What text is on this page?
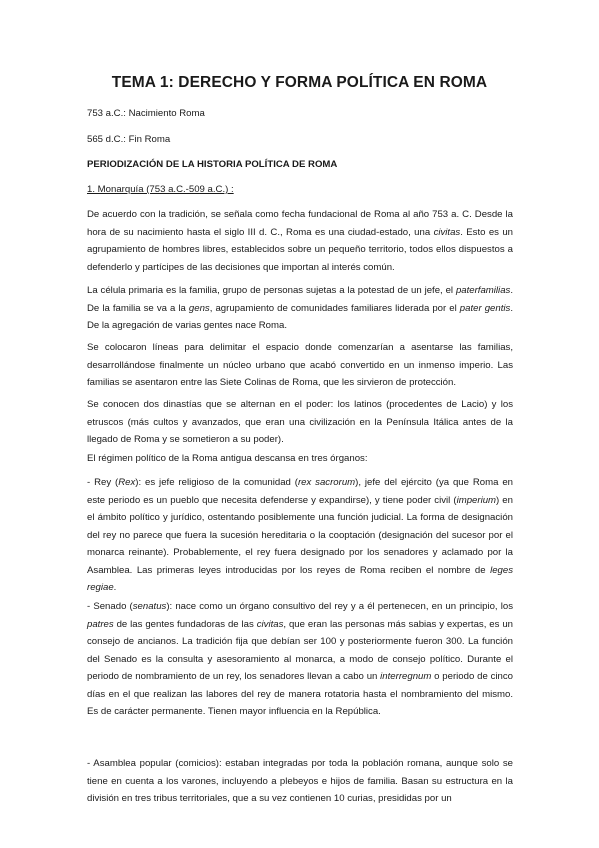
TEMA 1: DERECHO Y FORMA POLÍTICA EN ROMA

753 a.C.: Nacimiento Roma

565 d.C.: Fin Roma

PERIODIZACIÓN DE LA HISTORIA POLÍTICA DE ROMA

1. Monarquía (753 a.C.-509 a.C.) :

De acuerdo con la tradición, se señala como fecha fundacional de Roma al año 753 a. C. Desde la hora de su nacimiento hasta el siglo III d. C., Roma es una ciudad-estado, una civitas. Esto es un agrupamiento de hombres libres, establecidos sobre un pequeño territorio, todos ellos dispuestos a defenderlo y partícipes de las decisiones que importan al interés común.

La célula primaria es la familia, grupo de personas sujetas a la potestad de un jefe, el paterfamilias. De la familia se va a la gens, agrupamiento de comunidades familiares liderada por el pater gentis. De la agregación de varias gentes nace Roma.

Se colocaron líneas para delimitar el espacio donde comenzarían a asentarse las familias, desarrollándose finalmente un núcleo urbano que acabó convertido en un inmenso imperio. Las familias se asentaron entre las Siete Colinas de Roma, que les sirvieron de protección.

Se conocen dos dinastías que se alternan en el poder: los latinos (procedentes de Lacio) y los etruscos (más cultos y avanzados, que eran una civilización en la Península Itálica antes de la llegado de Roma y se sometieron a su poder).

El régimen político de la Roma antigua descansa en tres órganos:

- Rey (Rex): es jefe religioso de la comunidad (rex sacrorum), jefe del ejército (ya que Roma en este periodo es un pueblo que necesita defenderse y expandirse), y tiene poder civil (imperium) en el ámbito político y jurídico, ostentando posiblemente una función judicial. La forma de designación del rey no parece que fuera la sucesión hereditaria o la cooptación (designación del sucesor por el monarca reinante). Probablemente, el rey fuera designado por los senadores y aclamado por la Asamblea. Las primeras leyes introducidas por los reyes de Roma reciben el nombre de leges regiae.

- Senado (senatus): nace como un órgano consultivo del rey y a él pertenecen, en un principio, los patres de las gentes fundadoras de las civitas, que eran las personas más sabias y expertas, es un consejo de ancianos. La tradición fija que debían ser 100 y posteriormente fueron 300. La función del Senado es la consulta y asesoramiento al monarca, a modo de consejo político. Durante el periodo de nombramiento de un rey, los senadores llevan a cabo un interregnum o periodo de cinco días en el que realizan las labores del rey de manera rotatoria hasta el nombramiento del mismo. Es de carácter permanente. Tienen mayor influencia en la República.

- Asamblea popular (comicios): estaban integradas por toda la población romana, aunque solo se tiene en cuenta a los varones, incluyendo a plebeyos e hijos de familia. Basan su estructura en la división en tres tribus territoriales, que a su vez contienen 10 curias, presididas por un
